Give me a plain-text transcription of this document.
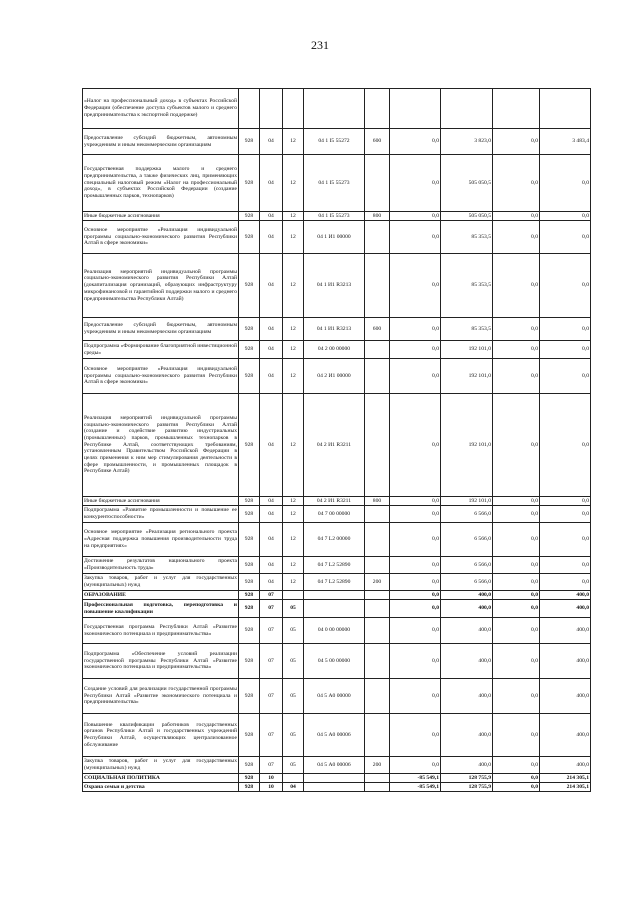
231
«Налог на профессиональный доход» в субъектах Российской Федерации (обеспечение доступа субъектов малого и среднего предпринимательства к экспортной поддержке)									
Предоставление субсидий бюджетным, автономным учреждениям и иным некоммерческим организациям	928	04	12	04 1 I5 55272	600	0,0	3 823,0	0,0	3 483,4
Государственная поддержка малого и среднего предпринимательства, а также физических лиц, применяющих специальный налоговый режим «Налог на профессиональный доход», в субъектах Российской Федерации (создание промышленных парков, технопарков)	928	04	12	04 1 I5 55273		0,0	505 050,5	0,0	0,0
Иные бюджетные ассигнования	928	04	12	04 1 I5 55273	800	0,0	505 050,5	0,0	0,0
Основное мероприятие «Реализация индивидуальной программы социально-экономического развития Республики Алтай в сфере экономики»	928	04	12	04 1 И1 00000		0,0	85 353,5	0,0	0,0
Реализация мероприятий индивидуальной программы социально-экономического развития Республики Алтай (докапитализация организаций, образующих инфраструктуру микрофинансовой и гарантийной поддержки малого и среднего предпринимательства Республики Алтай)	928	04	12	04 1 И1 R3213		0,0	85 353,5	0,0	0,0
Предоставление субсидий бюджетным, автономным учреждениям и иным некоммерческим организациям	928	04	12	04 1 И1 R3213	600	0,0	85 353,5	0,0	0,0
Подпрограмма «Формирование благоприятной инвестиционной среды»	928	04	12	04 2 00 00000		0,0	192 101,0	0,0	0,0
Основное мероприятие «Реализация индивидуальной программы социально-экономического развития Республики Алтай в сфере экономики»	928	04	12	04 2 И1 00000		0,0	192 101,0	0,0	0,0
Реализация мероприятий индивидуальной программы социально-экономического развития Республики Алтай (создание и содействие развитию индустриальных (промышленных) парков, промышленных технопарков в Республике Алтай, соответствующих требованиям, установленным Правительством Российской Федерации в целях применения к ним мер стимулирования деятельности в сфере промышленности, и промышленных площадок в Республике Алтай)	928	04	12	04 2 И1 R3211		0,0	192 101,0	0,0	0,0
Иные бюджетные ассигнования	928	04	12	04 2 И1 R3211	800	0,0	192 101,0	0,0	0,0
Подпрограмма «Развитие промышленности и повышение ее конкурентоспособности»	928	04	12	04 7 00 00000		0,0	6 566,0	0,0	0,0
Основное мероприятие «Реализация регионального проекта «Адресная поддержка повышения производительности труда на предприятиях»	928	04	12	04 7 L2 00000		0,0	6 566,0	0,0	0,0
Достижение результатов национального проекта «Производительность труда»	928	04	12	04 7 L2 52890		0,0	6 566,0	0,0	0,0
Закупка товаров, работ и услуг для государственных (муниципальных) нужд	928	04	12	04 7 L2 52890	200	0,0	6 566,0	0,0	0,0
ОБРАЗОВАНИЕ	928	07				0,0	400,0	0,0	400,0
Профессиональная подготовка, переподготовка и повышение квалификации	928	07	05			0,0	400,0	0,0	400,0
Государственная программа Республики Алтай «Развитие экономического потенциала и предпринимательства»	928	07	05	04 0 00 00000		0,0	400,0	0,0	400,0
Подпрограмма «Обеспечение условий реализации государственной программы Республики Алтай «Развитие экономического потенциала и предпринимательства»	928	07	05	04 5 00 00000		0,0	400,0	0,0	400,0
Создание условий для реализации государственной программы Республики Алтай «Развитие экономического потенциала и предпринимательства»	928	07	05	04 5 А0 00000		0,0	400,0	0,0	400,0
Повышение квалификации работников государственных органов Республики Алтай и государственных учреждений Республики Алтай, осуществляющих централизованное обслуживание	928	07	05	04 5 А0 00006		0,0	400,0	0,0	400,0
Закупка товаров, работ и услуг для государственных (муниципальных) нужд	928	07	05	04 5 А0 00006	200	0,0	400,0	0,0	400,0
СОЦИАЛЬНАЯ ПОЛИТИКА	928	10				-85 549,1	128 755,9	0,0	214 305,1
Охрана семьи и детства	928	10	04			-85 549,1	128 755,9	0,0	214 305,1
